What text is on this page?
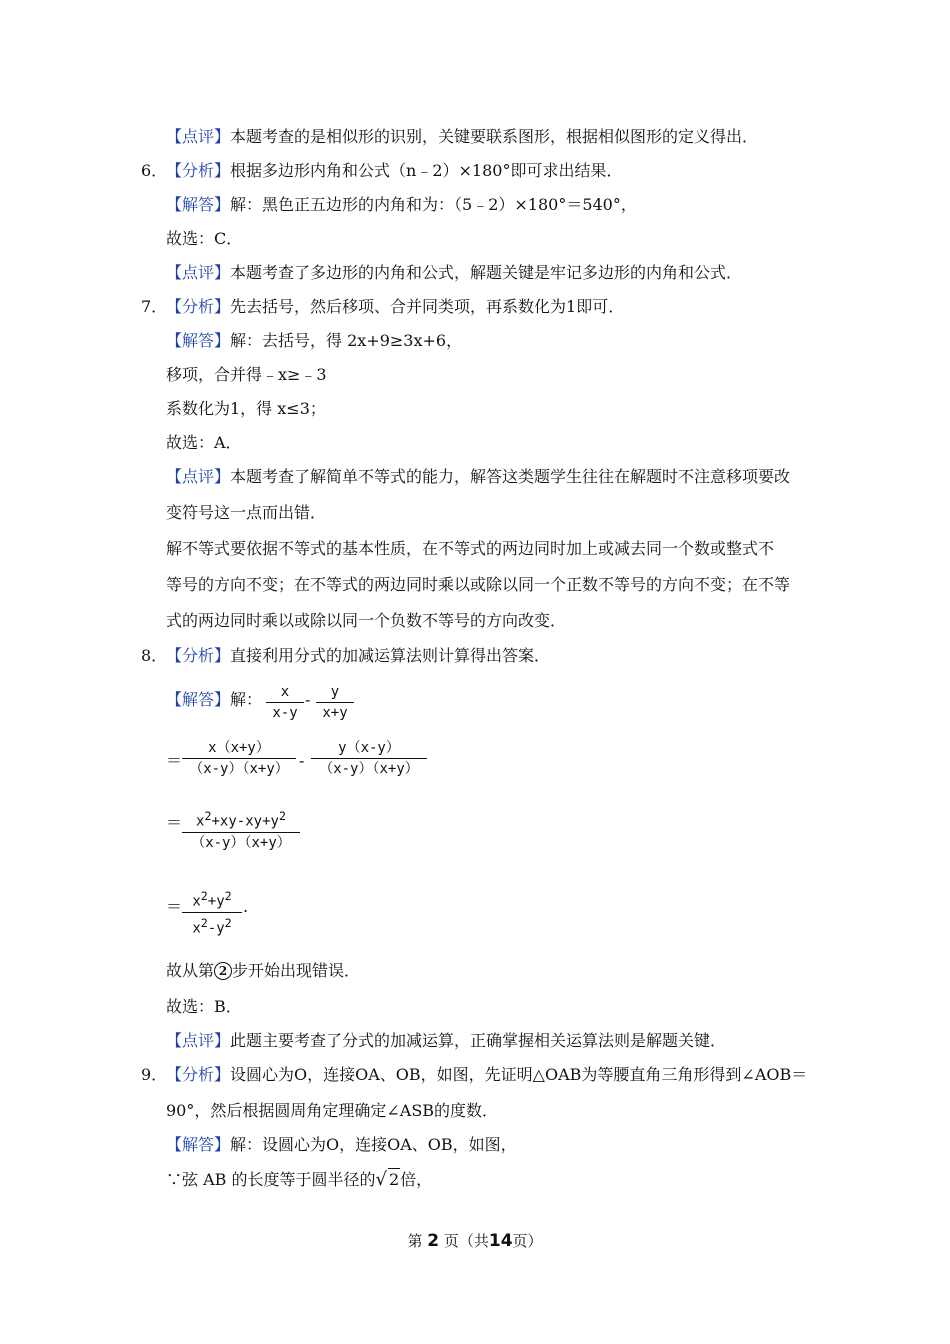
【点评】本题考查的是相似形的识别，关键要联系图形，根据相似图形的定义得出．
6．
【分析】根据多边形内角和公式（n﹣2）×180°即可求出结果．
【解答】解：黑色正五边形的内角和为：（5﹣2）×180°＝540°，
故选：C．
【点评】本题考查了多边形的内角和公式，解题关键是牢记多边形的内角和公式．
7．
【分析】先去括号，然后移项、合并同类项，再系数化为1即可．
【解答】解：去括号，得 2x+9≥3x+6，
移项，合并得﹣x≥﹣3
系数化为1，得 x≤3；
故选：A．
【点评】本题考查了解简单不等式的能力，解答这类题学生往往在解题时不注意移项要改
变符号这一点而出错．
解不等式要依据不等式的基本性质，在不等式的两边同时加上或减去同一个数或整式不
等号的方向不变；在不等式的两边同时乘以或除以同一个正数不等号的方向不变；在不等
式的两边同时乘以或除以同一个负数不等号的方向改变．
8．
【分析】直接利用分式的加减运算法则计算得出答案．
【解答】解：	x
x-y
-	y
x+y
＝
x（x+y）
（x-y）（x+y） -
y（x-y）
（x-y）（x+y）
＝	$x^2+xy-xy+y^2$
（x-y）（x+y）
＝ $x^2+y^2$
$x^2-y^2$
.
故从第 2 步开始出现错误．
故选：B．
【点评】此题主要考查了分式的加减运算，正确掌握相关运算法则是解题关键．
9．
【分析】设圆心为O，连接OA、OB，如图，先证明△OAB为等腰直角三角形得到∠AOB＝
90°，然后根据圆周角定理确定∠ASB的度数．
【解答】解：设圆心为O，连接OA、OB，如图，
∵弦 AB 的长度等于圆半径的√ 2倍，
第 2 页（共14页）
